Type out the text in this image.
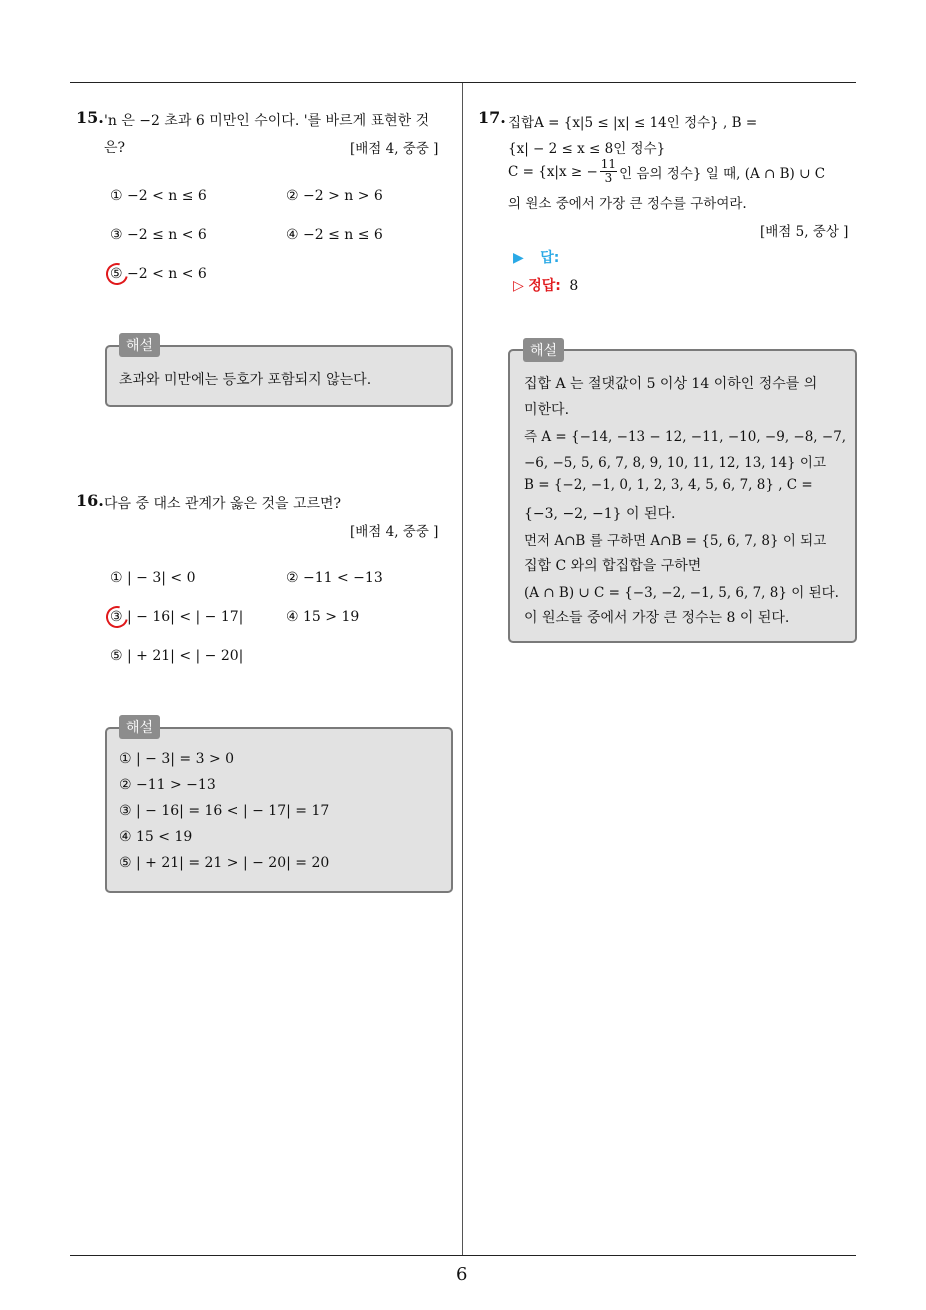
6
15. 'n 은 −2 초과 6 미만인 수이다. '를 바르게 표현한 것
은?	[배점 4, 중중 ]
① −2 < n ≤ 6	② −2 > n > 6
③ −2 ≤ n < 6	④ −2 ≤ n ≤ 6
⑤ −2 < n < 6
초과와 미만에는 등호가 포함되지 않는다.
해설
16. 다음 중 대소 관계가 옳은 것을 고르면?
[배점 4, 중중 ]
① | − 3| < 0	② −11 < −13
③ | − 16| < | − 17|	④ 15 > 19
⑤ | + 21| < | − 20|
① | − 3| = 3 > 0
② −11 > −13
③ | − 16| = 16 < | − 17| = 17
④ 15 < 19
⑤ | + 21| = 21 > | − 20| = 20
해설
17. 집합A = {x|5 ≤ |x| ≤ 14인 정수} , B =
{x| − 2 ≤ x ≤ 8인 정수}
C = {x|x ≥ − $\frac{11}{3}$ 인 음의 정수} 일 때, (A ∩ B) ∪ C
의 원소 중에서 가장 큰 정수를 구하여라.
[배점 5, 중상 ]
▶ 답:
▷ 정답: 8
집합 A 는 절댓값이 5 이상 14 이하인 정수를 의
미한다.
즉 A = {−14, −13 − 12, −11, −10, −9, −8, −7,
−6, −5, 5, 6, 7, 8, 9, 10, 11, 12, 13, 14} 이고
B = {−2, −1, 0, 1, 2, 3, 4, 5, 6, 7, 8} , C =
{−3, −2, −1} 이 된다.
먼저 A∩B 를 구하면 A∩B = {5, 6, 7, 8} 이 되고
집합 C 와의 합집합을 구하면
(A ∩ B) ∪ C = {−3, −2, −1, 5, 6, 7, 8} 이 된다.
이 원소들 중에서 가장 큰 정수는 8 이 된다.
해설
